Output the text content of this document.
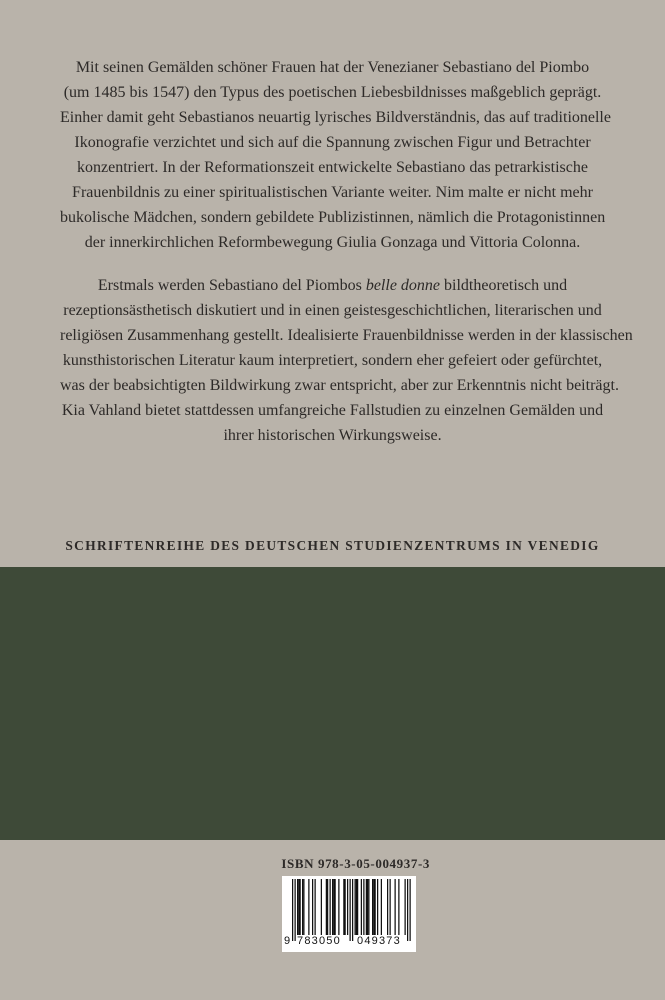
Mit seinen Gemälden schöner Frauen hat der Venezianer Sebastiano del Piombo
(um 1485 bis 1547) den Typus des poetischen Liebesbildnisses maßgeblich geprägt.
Einher damit geht Sebastianos neuartig lyrisches Bildverständnis, das auf traditionelle
Ikonografie verzichtet und sich auf die Spannung zwischen Figur und Betrachter
konzentriert. In der Reformationszeit entwickelte Sebastiano das petrarkistische
Frauenbildnis zu einer spiritualistischen Variante weiter. Nim malte er nicht mehr
bukolische Mädchen, sondern gebildete Publizistinnen, nämlich die Protagonistinnen
der innerkirchlichen Reformbewegung Giulia Gonzaga und Vittoria Colonna.

Erstmals werden Sebastiano del Piombos belle donne bildtheoretisch und
rezeptionsästhetisch diskutiert und in einen geistesgeschichtlichen, literarischen und
religiösen Zusammenhang gestellt. Idealisierte Frauenbildnisse werden in der klassischen
kunsthistorischen Literatur kaum interpretiert, sondern eher gefeiert oder gefürchtet,
was der beabsichtigten Bildwirkung zwar entspricht, aber zur Erkenntnis nicht beiträgt.
Kia Vahland bietet stattdessen umfangreiche Fallstudien zu einzelnen Gemälden und
ihrer historischen Wirkungsweise.

SCHRIFTENREIHE DES DEUTSCHEN STUDIENZENTRUMS IN VENEDIG
ISBN 978-3-05-004937-3
9 783050 049373
